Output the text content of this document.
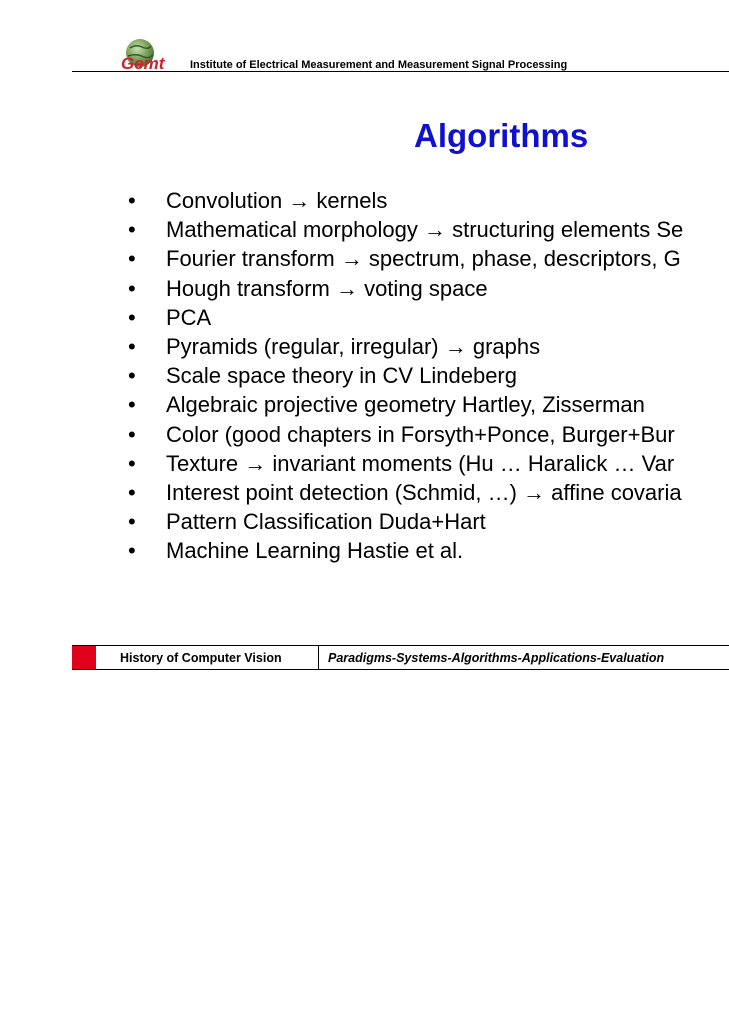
Gemt Institute of Electrical Measurement and Measurement Signal Processing
Algorithms
•	Convolution → kernels
•	Mathematical morphology → structuring elements Se
•	Fourier transform → spectrum, phase, descriptors, G
•	Hough transform → voting space
•	PCA
•	Pyramids (regular, irregular) → graphs
•	Scale space theory in CV Lindeberg
•	Algebraic projective geometry Hartley, Zisserman
•	Color (good chapters in Forsyth+Ponce, Burger+Bur
•	Texture → invariant moments (Hu … Haralick … Var
•	Interest point detection (Schmid, …) → affine covaria
•	Pattern Classification Duda+Hart
•	Machine Learning Hastie et al.
History of Computer Vision	Paradigms-Systems-Algorithms-Applications-Evaluation
